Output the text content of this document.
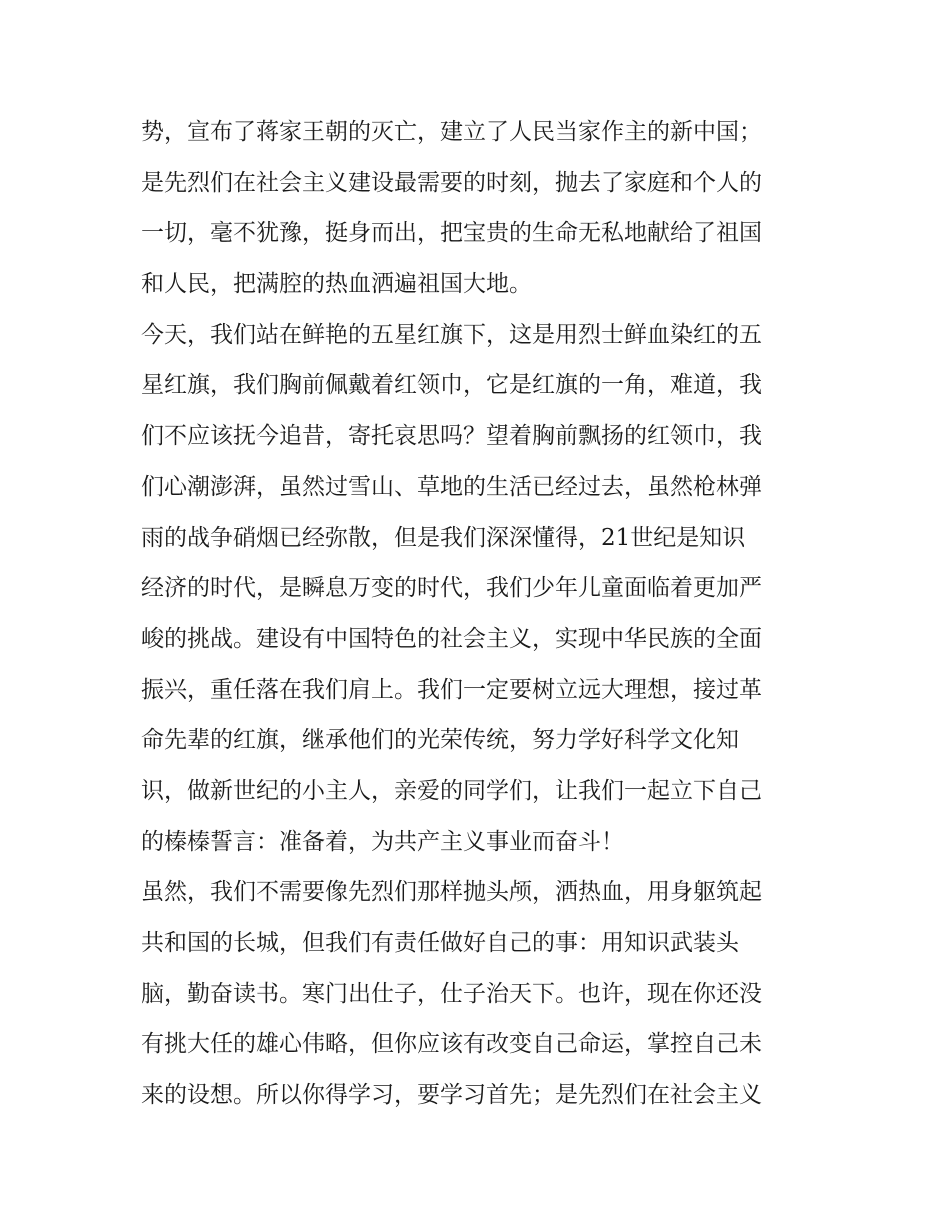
势，宣布了蒋家王朝的灭亡，建立了人民当家作主的新中国；
是先烈们在社会主义建设最需要的时刻，抛去了家庭和个人的
一切，毫不犹豫，挺身而出，把宝贵的生命无私地献给了祖国
和人民，把满腔的热血洒遍祖国大地。
今天，我们站在鲜艳的五星红旗下，这是用烈士鲜血染红的五
星红旗，我们胸前佩戴着红领巾，它是红旗的一角，难道，我
们不应该抚今追昔，寄托哀思吗？望着胸前飘扬的红领巾，我
们心潮澎湃，虽然过雪山、草地的生活已经过去，虽然枪林弹
雨的战争硝烟已经弥散，但是我们深深懂得，21世纪是知识
经济的时代，是瞬息万变的时代，我们少年儿童面临着更加严
峻的挑战。建设有中国特色的社会主义，实现中华民族的全面
振兴，重任落在我们肩上。我们一定要树立远大理想，接过革
命先辈的红旗，继承他们的光荣传统，努力学好科学文化知
识，做新世纪的小主人，亲爱的同学们，让我们一起立下自己
的榛榛誓言：准备着，为共产主义事业而奋斗！
虽然，我们不需要像先烈们那样抛头颅，洒热血，用身躯筑起
共和国的长城，但我们有责任做好自己的事：用知识武装头
脑，勤奋读书。寒门出仕子，仕子治天下。也许，现在你还没
有挑大任的雄心伟略，但你应该有改变自己命运，掌控自己未
来的设想。所以你得学习，要学习首先；是先烈们在社会主义
